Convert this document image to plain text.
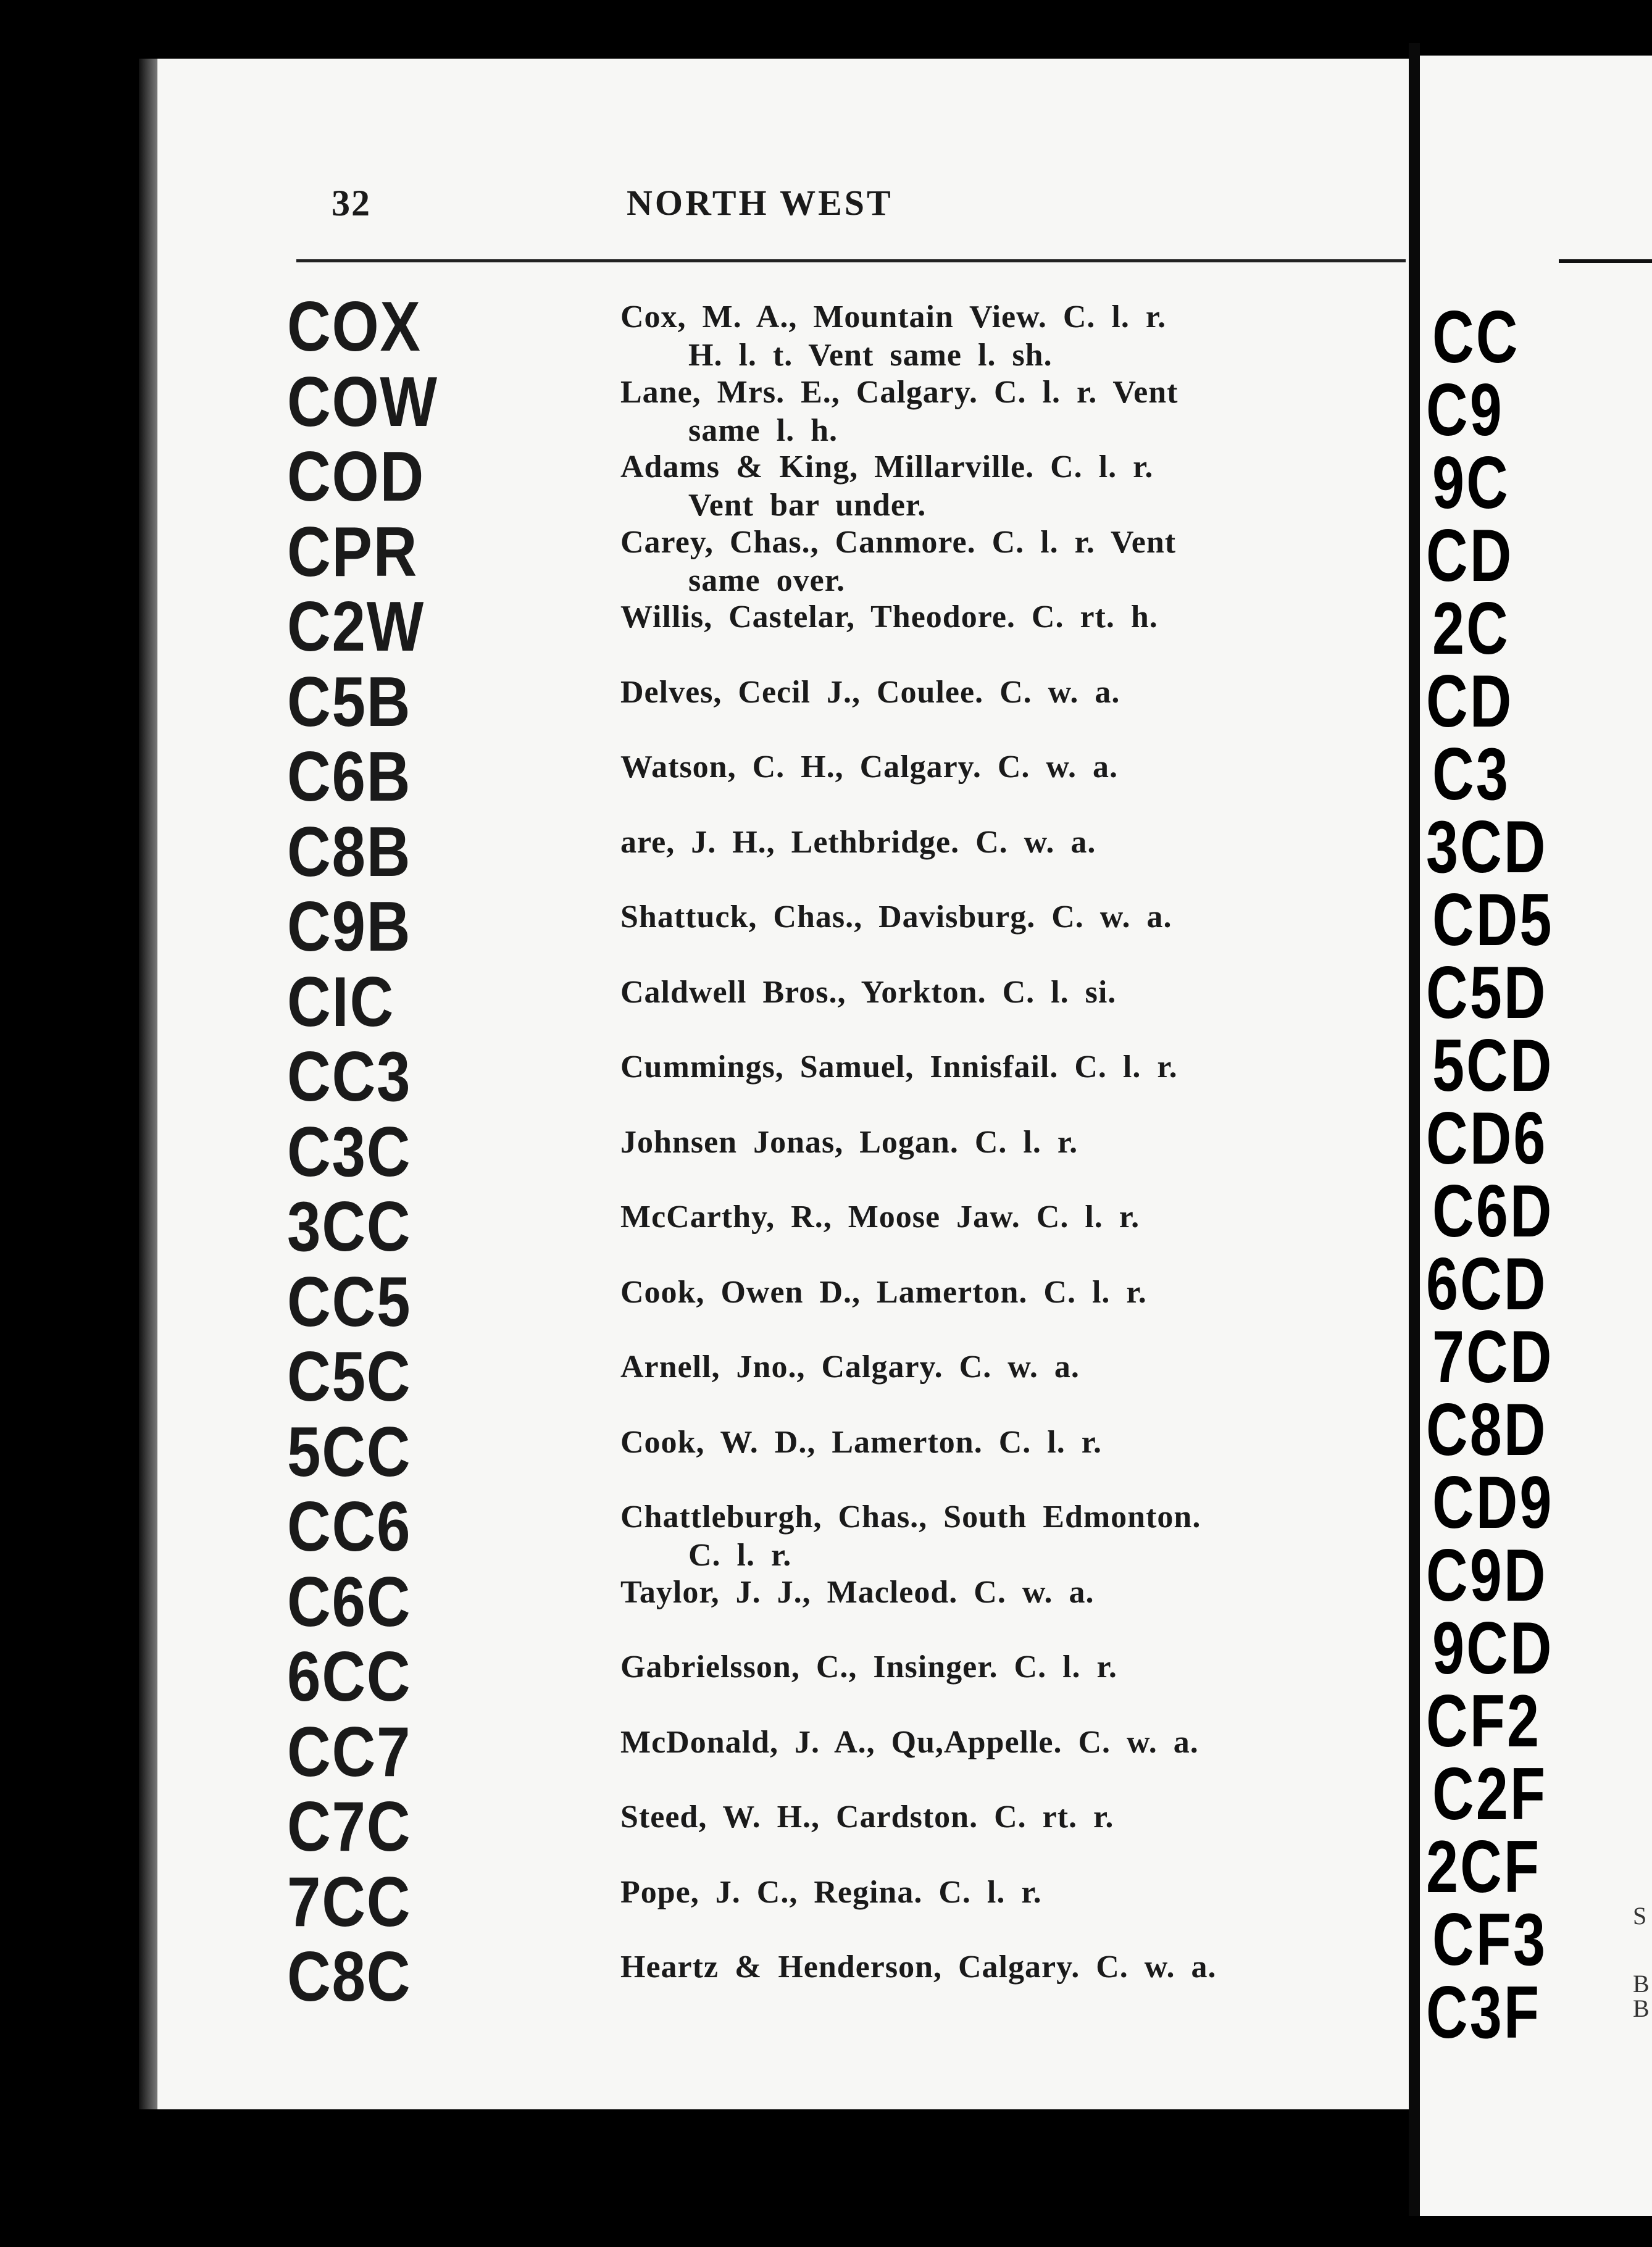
32	NORTH WEST
COX	Cox, M. A., Mountain View. C. l. r.
H. l. t. Vent same l. sh.
COW	Lane, Mrs. E., Calgary. C. l. r. Vent
same l. h.
COD	Adams & King, Millarville. C. l. r.
Vent bar under.
CPR	Carey, Chas., Canmore. C. l. r. Vent
same over.
C2W	Willis, Castelar, Theodore. C. rt. h.
C5B	Delves, Cecil J., Coulee. C. w. a.
C6B	Watson, C. H., Calgary. C. w. a.
C8B	are, J. H., Lethbridge. C. w. a.
C9B	Shattuck, Chas., Davisburg. C. w. a.
CIC	Caldwell Bros., Yorkton. C. l. si.
CC3	Cummings, Samuel, Innisfail. C. l. r.
C3C	Johnsen Jonas, Logan. C. l. r.
3CC	McCarthy, R., Moose Jaw. C. l. r.
CC5	Cook, Owen D., Lamerton. C. l. r.
C5C	Arnell, Jno., Calgary. C. w. a.
5CC	Cook, W. D., Lamerton. C. l. r.
CC6	Chattleburgh, Chas., South Edmonton.
C. l. r.
C6C	Taylor, J. J., Macleod. C. w. a.
6CC	Gabrielsson, C., Insinger. C. l. r.
CC7	McDonald, J. A., Qu,Appelle. C. w. a.
C7C	Steed, W. H., Cardston. C. rt. r.
7CC	Pope, J. C., Regina. C. l. r.
C8C	Heartz & Henderson, Calgary. C. w. a.
CC
C9
9C
CD
2C
CD
C3
3CD
CD5
C5D
5CD
CD6
C6D
6CD
7CD
C8D
CD9
C9D
9CD
CF2
C2F
2CF
CF3
C3F
S
B
B
